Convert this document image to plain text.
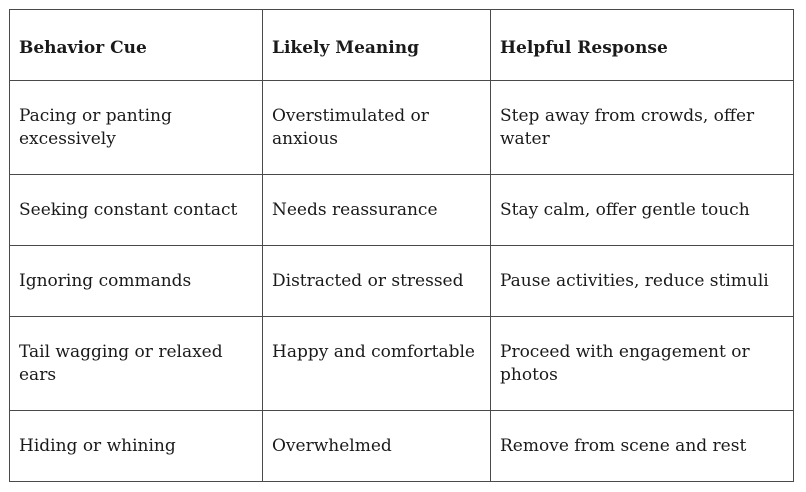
Behavior Cue	Likely Meaning	Helpful Response
Pacing or panting excessively	Overstimulated or anxious	Step away from crowds, offer water
Seeking constant contact	Needs reassurance	Stay calm, offer gentle touch
Ignoring commands	Distracted or stressed	Pause activities, reduce stimuli
Tail wagging or relaxed ears	Happy and comfortable	Proceed with engagement or photos
Hiding or whining	Overwhelmed	Remove from scene and rest
